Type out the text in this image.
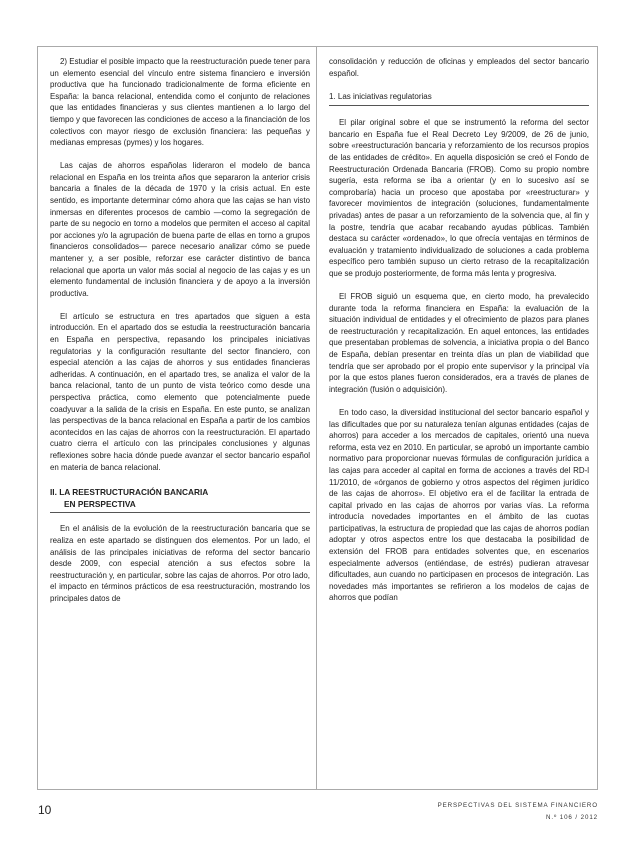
2) Estudiar el posible impacto que la reestructuración puede tener para un elemento esencial del vínculo entre sistema financiero e inversión productiva que ha funcionado tradicionalmente de forma eficiente en España: la banca relacional, entendida como el conjunto de relaciones que las entidades financieras y sus clientes mantienen a lo largo del tiempo y que favorecen las condiciones de acceso a la financiación de los colectivos con mayor riesgo de exclusión financiera: las pequeñas y medianas empresas (pymes) y los hogares.

Las cajas de ahorros españolas lideraron el modelo de banca relacional en España en los treinta años que separaron la anterior crisis bancaria a finales de la década de 1970 y la crisis actual. En este sentido, es importante determinar cómo ahora que las cajas se han visto inmersas en diferentes procesos de cambio —como la segregación de parte de su negocio en torno a modelos que permiten el acceso al capital por acciones y/o la agrupación de buena parte de ellas en torno a grupos financieros consolidados— parece necesario analizar cómo se puede mantener y, a ser posible, reforzar ese carácter distintivo de banca relacional que aporta un valor más social al negocio de las cajas y es un elemento fundamental de inclusión financiera y de apoyo a la inversión productiva.

El artículo se estructura en tres apartados que siguen a esta introducción. En el apartado dos se estudia la reestructuración bancaria en España en perspectiva, repasando los principales iniciativas regulatorias y la configuración resultante del sector financiero, con especial atención a las cajas de ahorros y sus entidades financieras adheridas. A continuación, en el apartado tres, se analiza el valor de la banca relacional, tanto de un punto de vista teórico como desde una perspectiva práctica, como elemento que potencialmente puede coadyuvar a la salida de la crisis en España. En este punto, se analizan las perspectivas de la banca relacional en España a partir de los cambios acontecidos en las cajas de ahorros con la reestructuración. El apartado cuatro cierra el artículo con las principales conclusiones y algunas reflexiones sobre hacia dónde puede avanzar el sector bancario español en materia de banca relacional.

II. LA REESTRUCTURACIÓN BANCARIA
EN PERSPECTIVA

En el análisis de la evolución de la reestructuración bancaria que se realiza en este apartado se distinguen dos elementos. Por un lado, el análisis de las principales iniciativas de reforma del sector bancario desde 2009, con especial atención a sus efectos sobre la reestructuración y, en particular, sobre las cajas de ahorros. Por otro lado, el impacto en términos prácticos de esa reestructuración, mostrando los principales datos de

consolidación y reducción de oficinas y empleados del sector bancario español.

1. Las iniciativas regulatorias

El pilar original sobre el que se instrumentó la reforma del sector bancario en España fue el Real Decreto Ley 9/2009, de 26 de junio, sobre «reestructuración bancaria y reforzamiento de los recursos propios de las entidades de crédito». En aquella disposición se creó el Fondo de Reestructuración Ordenada Bancaria (FROB). Como su propio nombre sugería, esta reforma se iba a orientar (y en lo sucesivo así se comprobaría) hacia un proceso que apostaba por «reestructurar» y favorecer movimientos de integración (soluciones, fundamentalmente privadas) antes de pasar a un reforzamiento de la solvencia que, al fin y la postre, tendría que acabar recabando ayudas públicas. También destaca su carácter «ordenado», lo que ofrecía ventajas en términos de evaluación y tratamiento individualizado de soluciones a cada problema específico pero también supuso un cierto retraso de la recapitalización que se produjo posteriormente, de forma más lenta y progresiva.

El FROB siguió un esquema que, en cierto modo, ha prevalecido durante toda la reforma financiera en España: la evaluación de la situación individual de entidades y el ofrecimiento de plazos para planes de reestructuración y recapitalización. En aquel entonces, las entidades que presentaban problemas de solvencia, a iniciativa propia o del Banco de España, debían presentar en treinta días un plan de viabilidad que tendría que ser aprobado por el propio ente supervisor y la principal vía por la que estos planes fueron considerados, era a través de planes de integración (fusión o adquisición).

En todo caso, la diversidad institucional del sector bancario español y las dificultades que por su naturaleza tenían algunas entidades (cajas de ahorros) para acceder a los mercados de capitales, orientó una nueva reforma, esta vez en 2010. En particular, se aprobó un importante cambio normativo para proporcionar nuevas fórmulas de configuración jurídica a las cajas para acceder al capital en forma de acciones a través del RD-l 11/2010, de «órganos de gobierno y otros aspectos del régimen jurídico de las cajas de ahorros». El objetivo era el de facilitar la entrada de capital privado en las cajas de ahorros por varias vías. La reforma introducía novedades importantes en el ámbito de las cuotas participativas, la estructura de propiedad que las cajas de ahorros podían adoptar y otros aspectos entre los que destacaba la posibilidad de extensión del FROB para entidades solventes que, en escenarios especialmente adversos (entiéndase, de estrés) pudieran atravesar dificultades, aun cuando no participasen en procesos de integración. Las novedades más importantes se refirieron a los modelos de cajas de ahorros que podían

10	PERSPECTIVAS DEL SISTEMA FINANCIERO
N.º 106 / 2012
